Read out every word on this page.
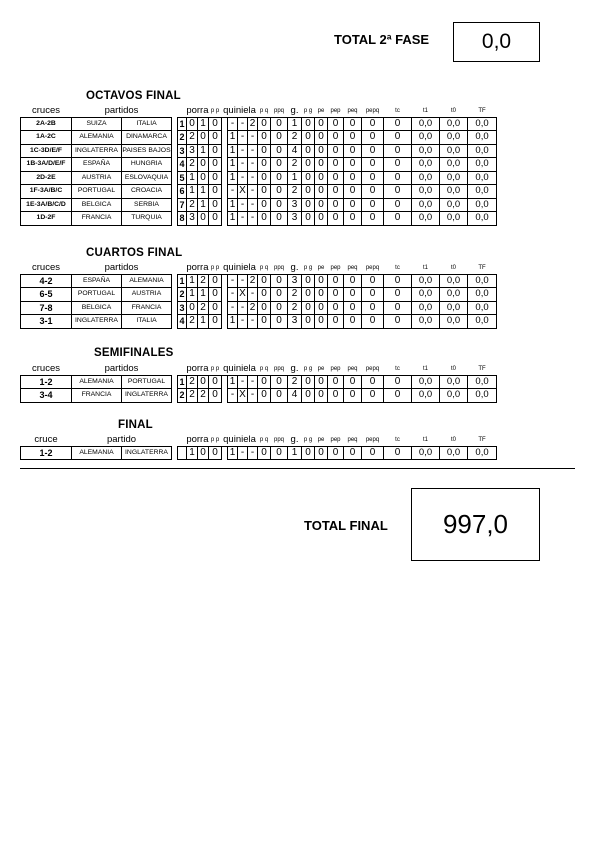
TOTAL 2ª FASE	0,0
OCTAVOS FINAL
cruces	partidos			porra			p p	quiniela				p q	ppq	g.	p g	pe	pep	peq	pepq	tc	t1	t0	TF
2A-2B	SUIZA	ITALIA		1	0	1	0		-	-	2	0	0	1	0	0	0	0	0	0	0,0	0,0	0,0
1A-2C	ALEMANIA	DINAMARCA		2	2	0	0		1	-	-	0	0	2	0	0	0	0	0	0	0,0	0,0	0,0
1C-3D/E/F	INGLATERRA	PAISES BAJOS		3	3	1	0		1	-	-	0	0	4	0	0	0	0	0	0	0,0	0,0	0,0
1B-3A/D/E/F	ESPAÑA	HUNGRIA		4	2	0	0		1	-	-	0	0	2	0	0	0	0	0	0	0,0	0,0	0,0
2D-2E	AUSTRIA	ESLOVAQUIA		5	1	0	0		1	-	-	0	0	1	0	0	0	0	0	0	0,0	0,0	0,0
1F-3A/B/C	PORTUGAL	CROACIA		6	1	1	0		-	X	-	0	0	2	0	0	0	0	0	0	0,0	0,0	0,0
1E-3A/B/C/D	BELGICA	SERBIA		7	2	1	0		1	-	-	0	0	3	0	0	0	0	0	0	0,0	0,0	0,0
1D-2F	FRANCIA	TURQUIA		8	3	0	0		1	-	-	0	0	3	0	0	0	0	0	0	0,0	0,0	0,0
CUARTOS FINAL
cruces	partidos			porra			p p	quiniela				p q	ppq	g.	p g	pe	pep	peq	pepq	tc	t1	t0	TF
4-2	ESPAÑA	ALEMANIA		1	1	2	0		-	-	2	0	0	3	0	0	0	0	0	0	0,0	0,0	0,0
6-5	PORTUGAL	AUSTRIA		2	1	1	0		-	X	-	0	0	2	0	0	0	0	0	0	0,0	0,0	0,0
7-8	BELGICA	FRANCIA		3	0	2	0		-	-	2	0	0	2	0	0	0	0	0	0	0,0	0,0	0,0
3-1	INGLATERRA	ITALIA		4	2	1	0		1	-	-	0	0	3	0	0	0	0	0	0	0,0	0,0	0,0
SEMIFINALES
cruces	partidos			porra			p p	quiniela				p q	ppq	g.	p g	pe	pep	peq	pepq	tc	t1	t0	TF
1-2	ALEMANIA	PORTUGAL		1	2	0	0		1	-	-	0	0	2	0	0	0	0	0	0	0,0	0,0	0,0
3-4	FRANCIA	INGLATERRA		2	2	2	0		-	X	-	0	0	4	0	0	0	0	0	0	0,0	0,0	0,0
FINAL
cruce	partido			porra			p p	quiniela				p q	ppq	g.	p g	pe	pep	peq	pepq	tc	t1	t0	TF
1-2	ALEMANIA	INGLATERRA			1	0	0		1	-	-	0	0	1	0	0	0	0	0	0	0,0	0,0	0,0
TOTAL FINAL	997,0
